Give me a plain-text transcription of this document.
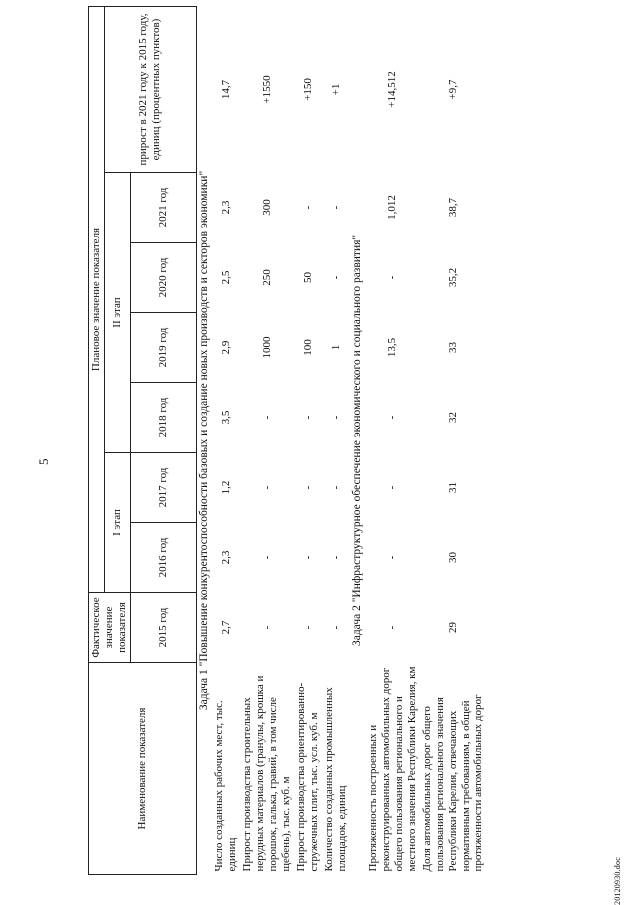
5
Наименование показателя	Фактическое значение показателя	Плановое значение показателя						
		I этап		II этап				прирост в 2021 году к 2015 году, единиц (процентных пунктов)
	2015 год	2016 год	2017 год	2018 год	2019 год	2020 год	2021 год	
Задача 1 "Повышение конкурентоспособности базовых и создание новых производств и секторов экономики"								
Число созданных рабочих мест, тыс. единиц	2,7	2,3	1,2	3,5	2,9	2,5	2,3	14,7
Прирост производства строительных нерудных материалов (гранулы, крошка и порошок, галька, гравий, в том числе щебень), тыс. куб. м	-	-	-	-	1000	250	300	+1550
Прирост производства ориентированно-стружечных плит, тыс. усл. куб. м	-	-	-	-	100	50	-	+150
Количество созданных промышленных площадок, единиц	-	-	-	-	1	-	-	+1
Задача 2 "Инфраструктурное обеспечение экономического и социального развития"								
Протяженность построенных и реконструированных автомобильных дорог общего пользования регионального и местного значения Республики Карелия, км	-	-	-	-	13,5	-	1,012	+14,512
Доля автомобильных дорог общего пользования регионального значения Республики Карелия, отвечающих нормативным требованиям, в общей протяженности автомобильных дорог	29	30	31	32	33	35,2	38,7	+9,7
20120930.doc
